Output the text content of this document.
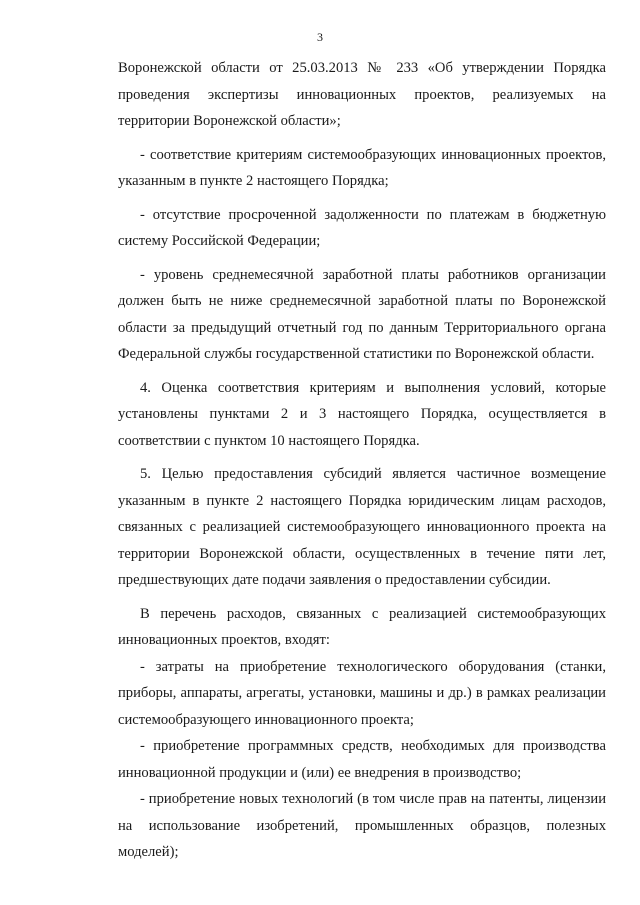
3

Воронежской области от 25.03.2013 № 233 «Об утверждении Порядка проведения экспертизы инновационных проектов, реализуемых на территории Воронежской области»;

- соответствие критериям системообразующих инновационных проектов, указанным в пункте 2 настоящего Порядка;

- отсутствие просроченной задолженности по платежам в бюджетную систему Российской Федерации;

- уровень среднемесячной заработной платы работников организации должен быть не ниже среднемесячной заработной платы по Воронежской области за предыдущий отчетный год по данным Территориального органа Федеральной службы государственной статистики по Воронежской области.

4. Оценка соответствия критериям и выполнения условий, которые установлены пунктами 2 и 3 настоящего Порядка, осуществляется в соответствии с пунктом 10 настоящего Порядка.

5. Целью предоставления субсидий является частичное возмещение указанным в пункте 2 настоящего Порядка юридическим лицам расходов, связанных с реализацией системообразующего инновационного проекта на территории Воронежской области, осуществленных в течение пяти лет, предшествующих дате подачи заявления о предоставлении субсидии.

В перечень расходов, связанных с реализацией системообразующих инновационных проектов, входят:

- затраты на приобретение технологического оборудования (станки, приборы, аппараты, агрегаты, установки, машины и др.) в рамках реализации системообразующего инновационного проекта;

- приобретение программных средств, необходимых для производства инновационной продукции и (или) ее внедрения в производство;

- приобретение новых технологий (в том числе прав на патенты, лицензии на использование изобретений, промышленных образцов, полезных моделей);
